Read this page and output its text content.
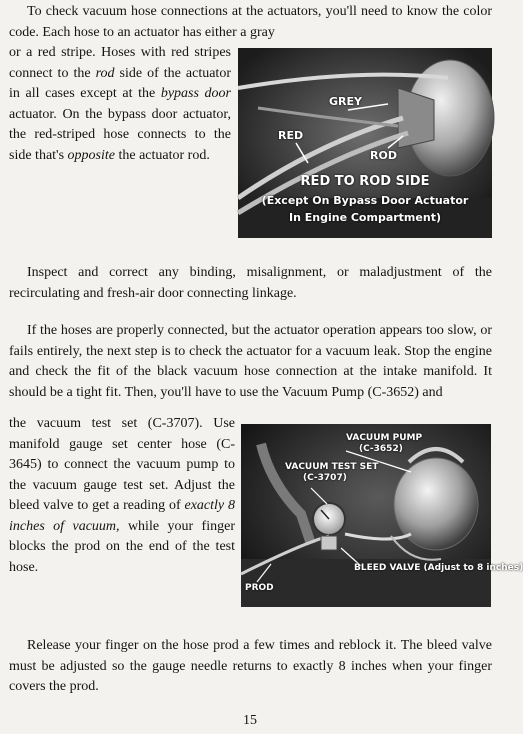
To check vacuum hose connections at the actuators, you'll need to know the color code. Each hose to an actuator has either a gray

or a red stripe. Hoses with red stripes connect to the rod side of the actuator in all cases except at the bypass door actuator. On the bypass door actuator, the red-striped hose connects to the side that's opposite the actuator rod.

GREY
RED
ROD
RED TO ROD SIDE
(Except On Bypass Door Actuator
In Engine Compartment)

Inspect and correct any binding, misalignment, or maladjustment of the recirculating and fresh-air door connecting linkage.

If the hoses are properly connected, but the actuator operation appears too slow, or fails entirely, the next step is to check the actuator for a vacuum leak. Stop the engine and check the fit of the black vacuum hose connection at the intake manifold. It should be a tight fit. Then, you'll have to use the Vacuum Pump (C-3652) and

the vacuum test set (C-3707). Use manifold gauge set center hose (C-3645) to connect the vacuum pump to the vacuum gauge test set. Adjust the bleed valve to get a reading of exactly 8 inches of vacuum, while your finger blocks the prod on the end of the test hose.

VACUUM PUMP
(C-3652)
VACUUM TEST SET
(C-3707)
BLEED VALVE (Adjust to 8 inches)
PROD

Release your finger on the hose prod a few times and reblock it. The bleed valve must be adjusted so the gauge needle returns to exactly 8 inches when your finger covers the prod.

15
